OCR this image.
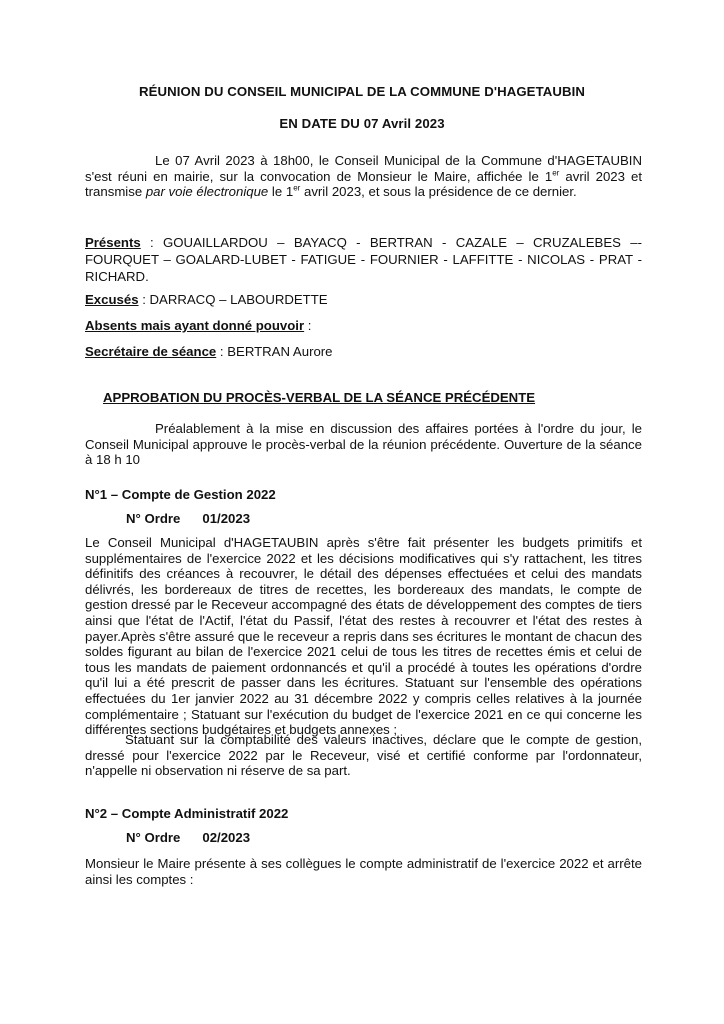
RÉUNION DU CONSEIL MUNICIPAL DE LA COMMUNE D'HAGETAUBIN
EN DATE DU 07 Avril 2023
Le 07 Avril 2023 à 18h00, le Conseil Municipal de la Commune d'HAGETAUBIN s'est réuni en mairie, sur la convocation de Monsieur le Maire, affichée le 1er avril 2023 et transmise par voie électronique le 1er avril 2023, et sous la présidence de ce dernier.
Présents : GOUAILLARDOU – BAYACQ - BERTRAN - CAZALE – CRUZALEBES –- FOURQUET – GOALARD-LUBET - FATIGUE - FOURNIER - LAFFITTE - NICOLAS - PRAT - RICHARD.
Excusés : DARRACQ – LABOURDETTE
Absents mais ayant donné pouvoir :
Secrétaire de séance : BERTRAN Aurore
APPROBATION DU PROCÈS-VERBAL DE LA SÉANCE PRÉCÉDENTE
Préalablement à la mise en discussion des affaires portées à l'ordre du jour, le Conseil Municipal approuve le procès-verbal de la réunion précédente. Ouverture de la séance à 18 h 10
N°1 – Compte de Gestion 2022
N° Ordre      01/2023
Le Conseil Municipal d'HAGETAUBIN après s'être fait présenter les budgets primitifs et supplémentaires de l'exercice 2022 et les décisions modificatives qui s'y rattachent, les titres définitifs des créances à recouvrer, le détail des dépenses effectuées et celui des mandats délivrés, les bordereaux de titres de recettes, les bordereaux des mandats, le compte de gestion dressé par le Receveur accompagné des états de développement des comptes de tiers ainsi que l'état de l'Actif, l'état du Passif, l'état des restes à recouvrer et l'état des restes à payer.Après s'être assuré que le receveur a repris dans ses écritures le montant de chacun des soldes figurant au bilan de l'exercice 2021 celui de tous les titres de recettes émis et celui de tous les mandats de paiement ordonnancés et qu'il a procédé à toutes les opérations d'ordre qu'il lui a été prescrit de passer dans les écritures. Statuant sur l'ensemble des opérations effectuées du 1er janvier 2022 au 31 décembre 2022 y compris celles relatives à la journée complémentaire ; Statuant sur l'exécution du budget de l'exercice 2021 en ce qui concerne les différentes sections budgétaires et budgets annexes ;
Statuant sur la comptabilité des valeurs inactives, déclare que le compte de gestion, dressé pour l'exercice 2022 par le Receveur, visé et certifié conforme par l'ordonnateur, n'appelle ni observation ni réserve de sa part.
N°2 – Compte Administratif 2022
N° Ordre      02/2023
Monsieur le Maire présente à ses collègues le compte administratif de l'exercice 2022 et arrête ainsi les comptes :
